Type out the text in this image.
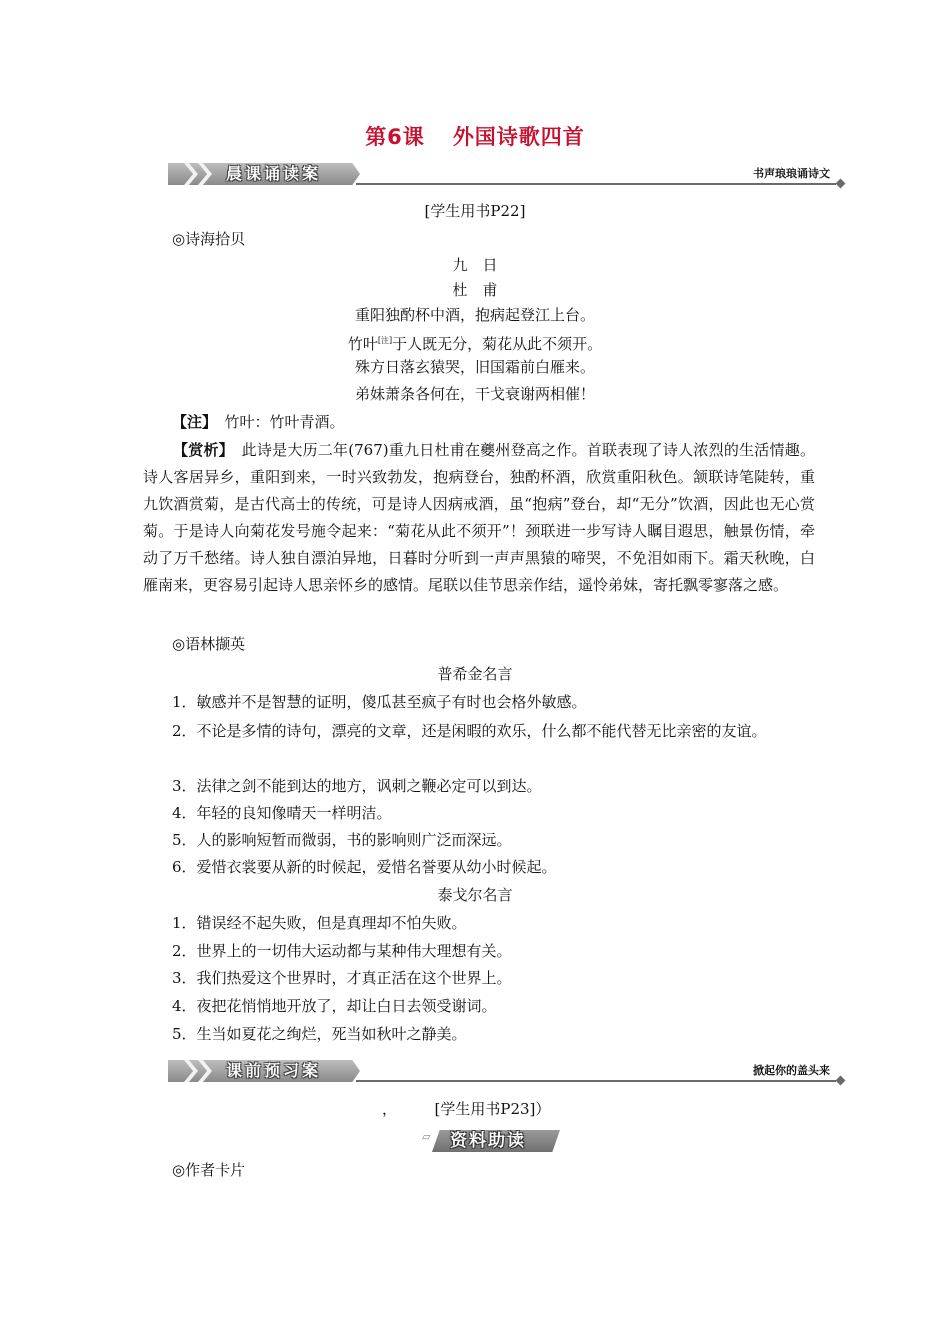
第6课 外国诗歌四首
晨课诵读案	书声琅琅诵诗文
[学生用书P22]
◎诗海拾贝
九　日
杜　甫
重阳独酌杯中酒，抱病起登江上台。
竹叶[注]于人既无分，菊花从此不须开。
殊方日落玄猿哭，旧国霜前白雁来。
弟妹萧条各何在，干戈衰谢两相催！
【注】　竹叶：竹叶青酒。
【赏析】　此诗是大历二年(767)重九日杜甫在夔州登高之作。首联表现了诗人浓烈的生活情趣。诗人客居异乡，重阳到来，一时兴致勃发，抱病登台，独酌杯酒，欣赏重阳秋色。颔联诗笔陡转，重九饮酒赏菊，是古代高士的传统，可是诗人因病戒酒，虽“抱病”登台，却“无分”饮酒，因此也无心赏菊。于是诗人向菊花发号施令起来：“菊花从此不须开”！颈联进一步写诗人瞩目遐思，触景伤情，牵动了万千愁绪。诗人独自漂泊异地，日暮时分听到一声声黑猿的啼哭，不免泪如雨下。霜天秋晚，白雁南来，更容易引起诗人思亲怀乡的感情。尾联以佳节思亲作结，遥怜弟妹，寄托飘零寥落之感。
◎语林撷英
普希金名言
1．敏感并不是智慧的证明，傻瓜甚至疯子有时也会格外敏感。
2．不论是多情的诗句，漂亮的文章，还是闲暇的欢乐，什么都不能代替无比亲密的友谊。
3．法律之剑不能到达的地方，讽刺之鞭必定可以到达。
4．年轻的良知像晴天一样明洁。
5．人的影响短暂而微弱，书的影响则广泛而深远。
6．爱惜衣裳要从新的时候起，爱惜名誉要从幼小时候起。
泰戈尔名言
1．错误经不起失败，但是真理却不怕失败。
2．世界上的一切伟大运动都与某种伟大理想有关。
3．我们热爱这个世界时，才真正活在这个世界上。
4．夜把花悄悄地开放了，却让白日去领受谢词。
5．生当如夏花之绚烂，死当如秋叶之静美。
课前预习案	掀起你的盖头来
，　　　[学生用书P23]）
▱ 资料助读
◎作者卡片
